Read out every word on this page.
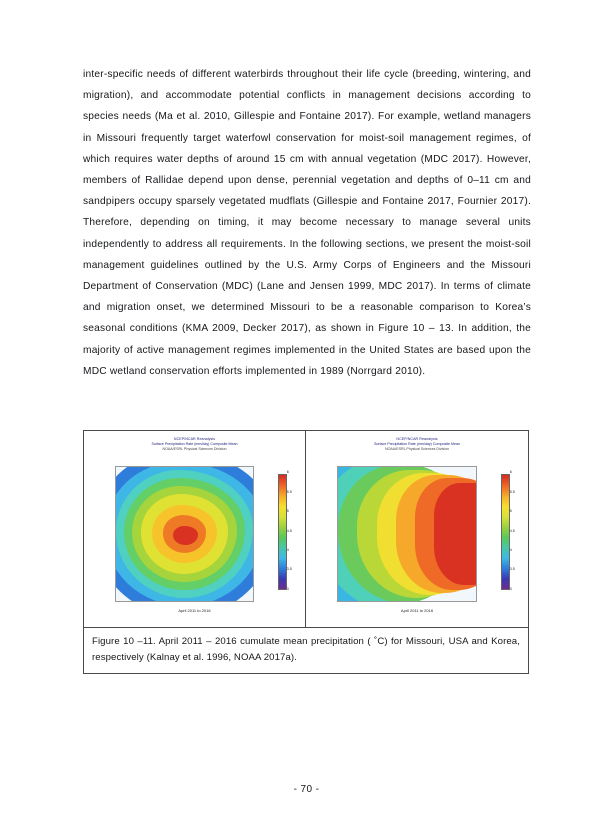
inter-specific needs of different waterbirds throughout their life cycle (breeding, wintering, and migration), and accommodate potential conflicts in management decisions according to species needs (Ma et al. 2010, Gillespie and Fontaine 2017). For example, wetland managers in Missouri frequently target waterfowl conservation for moist-soil management regimes, of which requires water depths of around 15 cm with annual vegetation (MDC 2017). However, members of Rallidae depend upon dense, perennial vegetation and depths of 0–11 cm and sandpipers occupy sparsely vegetated mudflats (Gillespie and Fontaine 2017, Fournier 2017). Therefore, depending on timing, it may become necessary to manage several units independently to address all requirements. In the following sections, we present the moist-soil management guidelines outlined by the U.S. Army Corps of Engineers and the Missouri Department of Conservation (MDC) (Lane and Jensen 1999, MDC 2017). In terms of climate and migration onset, we determined Missouri to be a reasonable comparison to Korea’s seasonal conditions (KMA 2009, Decker 2017), as shown in Figure 10 – 13. In addition, the majority of active management regimes implemented in the United States are based upon the MDC wetland conservation efforts implemented in 1989 (Norrgard 2010).

NCEP/NCAR Reanalysis
Surface Precipitation Rate (mm/day) Composite Mean
NOAA/ESRL Physical Sciences Division
6
5.5
5
4.5
4
3.5
3
April 2011 to 2016
NCEP/NCAR Reanalysis
Surface Precipitation Rate (mm/day) Composite Mean
NOAA/ESRL Physical Sciences Division
6
5.5
5
4.5
4
3.5
3
April 2011 to 2016
Figure 10 –11. April 2011 – 2016 cumulate mean precipitation ( ˚C) for Missouri, USA and Korea, respectively (Kalnay et al. 1996, NOAA 2017a).
- 70 -
